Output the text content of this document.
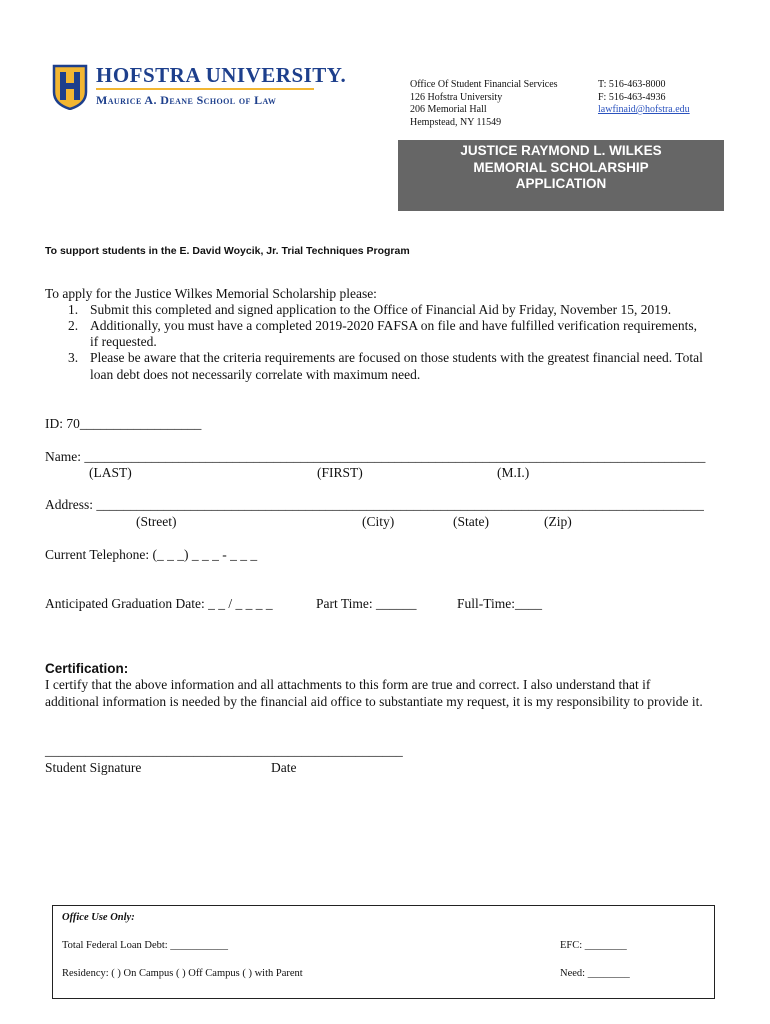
HOFSTRA UNIVERSITY.
Maurice A. Deane School of Law
Office Of Student Financial Services
126 Hofstra University
206 Memorial Hall
Hempstead, NY 11549
T: 516-463-8000
F: 516-463-4936
lawfinaid@hofstra.edu
JUSTICE RAYMOND L. WILKES
MEMORIAL SCHOLARSHIP
APPLICATION
To support students in the E. David Woycik, Jr. Trial Techniques Program
To apply for the Justice Wilkes Memorial Scholarship please:
1. Submit this completed and signed application to the Office of Financial Aid by Friday, November 15, 2019.
2. Additionally, you must have a completed 2019-2020 FAFSA on file and have fulfilled verification requirements,
if requested.
3. Please be aware that the criteria requirements are focused on those students with the greatest financial need. Total
loan debt does not necessarily correlate with maximum need.
ID: 70__________________
Name: ____________________________________________________________________________________________
(LAST)	(FIRST)	(M.I.)
Address: __________________________________________________________________________________________
(Street)	(City)	(State)	(Zip)
Current Telephone: (_ _ _) _ _ _ - _ _ _
Anticipated Graduation Date: _ _ / _ _ _ _	Part Time: ______	Full-Time:____
Certification:
I certify that the above information and all attachments to this form are true and correct. I also understand that if
additional information is needed by the financial aid office to substantiate my request, it is my responsibility to provide it.
_____________________________________________________
Student Signature	Date
Office Use Only:
Total Federal Loan Debt: ___________	EFC: ________
Residency: ( ) On Campus ( ) Off Campus ( ) with Parent	Need: ________
